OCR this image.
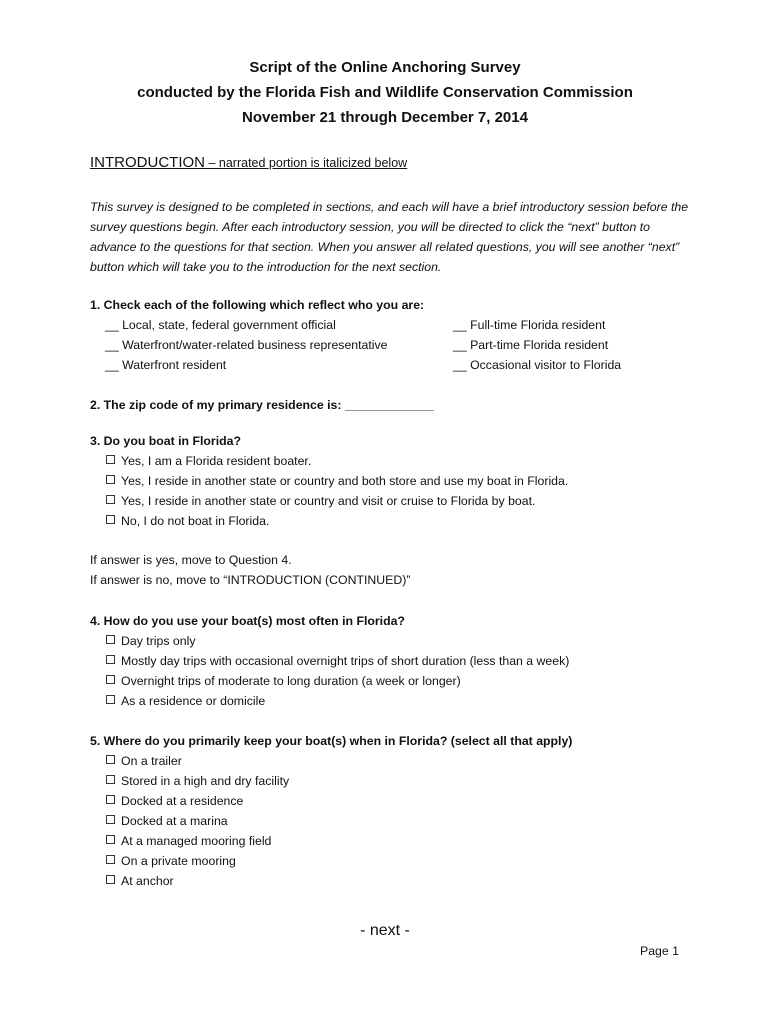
Script of the Online Anchoring Survey
conducted by the Florida Fish and Wildlife Conservation Commission
November 21 through December 7, 2014
INTRODUCTION – narrated portion is italicized below
This survey is designed to be completed in sections, and each will have a brief introductory session before the survey questions begin. After each introductory session, you will be directed to click the “next” button to advance to the questions for that section. When you answer all related questions, you will see another “next” button which will take you to the introduction for the next section.
1. Check each of the following which reflect who you are:
__ Local, state, federal government official
__ Waterfront/water-related business representative
__ Waterfront resident
__ Full-time Florida resident
__ Part-time Florida resident
__ Occasional visitor to Florida
2. The zip code of my primary residence is: _____________
3. Do you boat in Florida?
Yes, I am a Florida resident boater.
Yes, I reside in another state or country and both store and use my boat in Florida.
Yes, I reside in another state or country and visit or cruise to Florida by boat.
No, I do not boat in Florida.
If answer is yes, move to Question 4.
If answer is no, move to “INTRODUCTION (CONTINUED)”
4. How do you use your boat(s) most often in Florida?
Day trips only
Mostly day trips with occasional overnight trips of short duration (less than a week)
Overnight trips of moderate to long duration (a week or longer)
As a residence or domicile
5. Where do you primarily keep your boat(s) when in Florida? (select all that apply)
On a trailer
Stored in a high and dry facility
Docked at a residence
Docked at a marina
At a managed mooring field
On a private mooring
At anchor
- next -
Page 1
